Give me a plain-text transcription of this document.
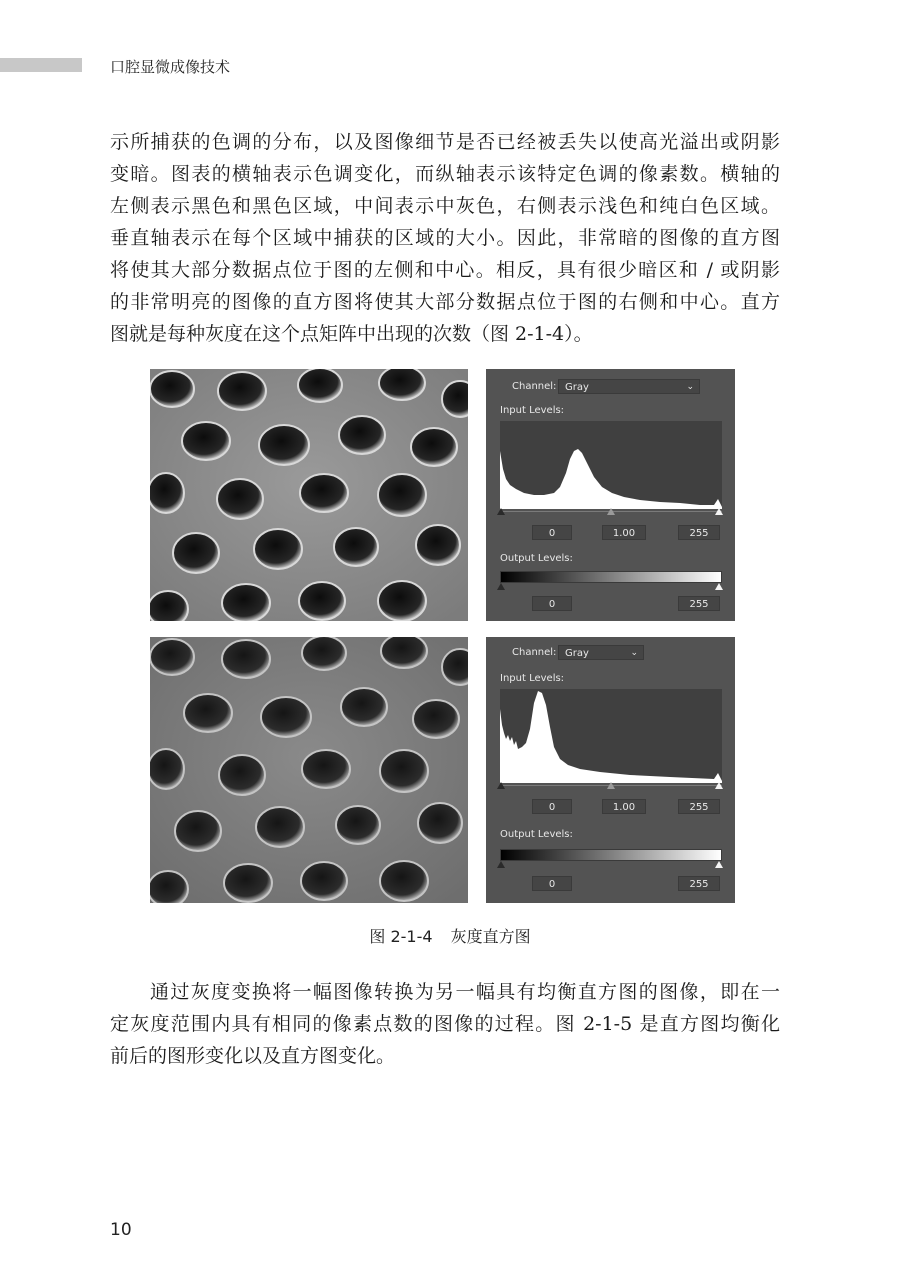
口腔显微成像技术
示所捕获的色调的分布，以及图像细节是否已经被丢失以使高光溢出或阴影
变暗。图表的横轴表示色调变化，而纵轴表示该特定色调的像素数。横轴的
左侧表示黑色和黑色区域，中间表示中灰色，右侧表示浅色和纯白色区域。
垂直轴表示在每个区域中捕获的区域的大小。因此，非常暗的图像的直方图
将使其大部分数据点位于图的左侧和中心。相反，具有很少暗区和 / 或阴影
的非常明亮的图像的直方图将使其大部分数据点位于图的右侧和中心。直方
图就是每种灰度在这个点矩阵中出现的次数（图 2-1-4）。
Channel: Gray	⌄
Input Levels:
0	1.00	255
Output Levels:
0	255
Channel: Gray	⌄
Input Levels:
0	1.00	255
Output Levels:
0	255
图 2-1-4 灰度直方图
通过灰度变换将一幅图像转换为另一幅具有均衡直方图的图像，即在一
定灰度范围内具有相同的像素点数的图像的过程。图 2-1-5 是直方图均衡化
前后的图形变化以及直方图变化。
10
